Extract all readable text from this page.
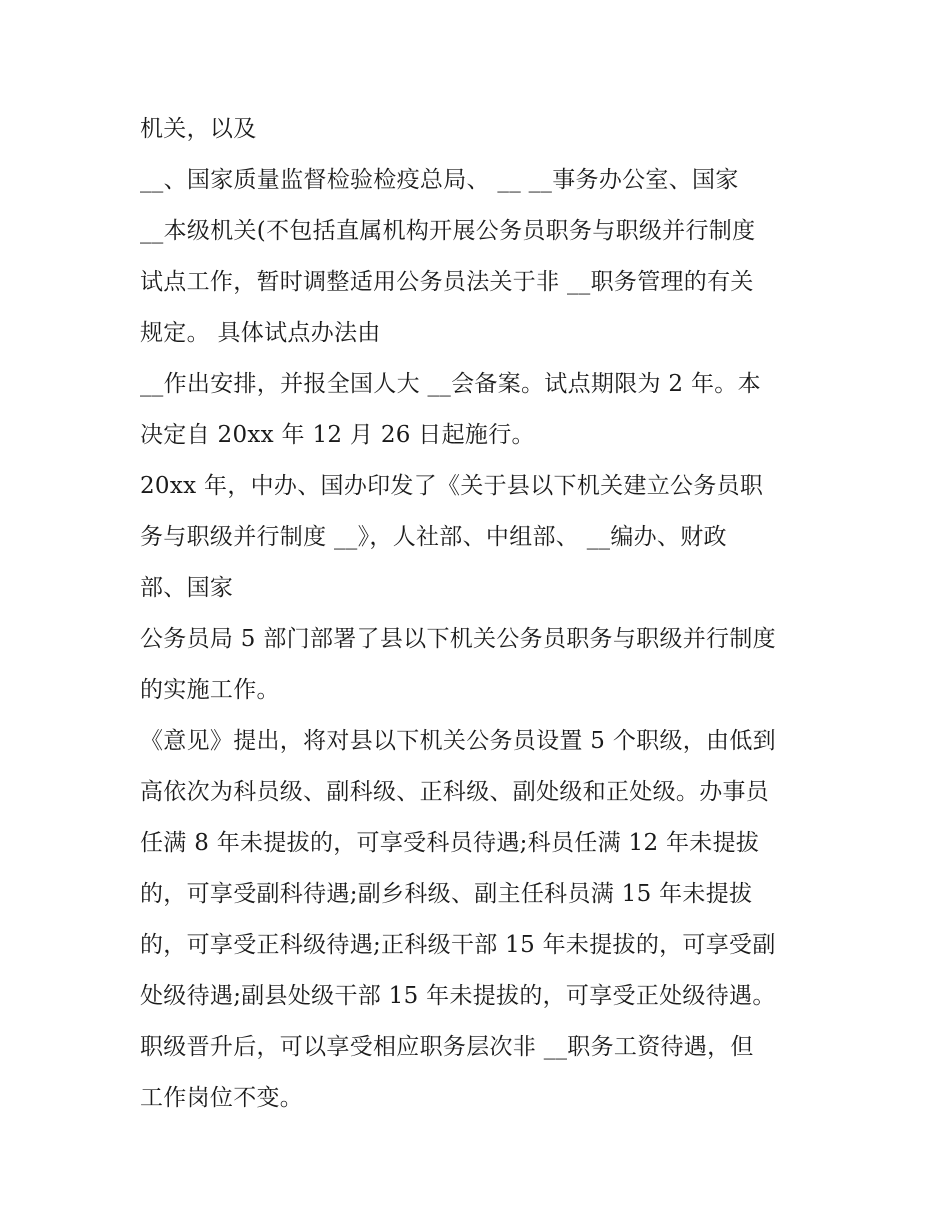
机关，以及
__、国家质量监督检验检疫总局、 __ __事务办公室、国家
__本级机关(不包括直属机构开展公务员职务与职级并行制度
试点工作，暂时调整适用公务员法关于非 __职务管理的有关
规定。 具体试点办法由
__作出安排，并报全国人大 __会备案。试点期限为 2 年。本
决定自 20xx 年 12 月 26 日起施行。
20xx 年，中办、国办印发了《关于县以下机关建立公务员职
务与职级并行制度 __》，人社部、中组部、 __编办、财政
部、国家
公务员局 5 部门部署了县以下机关公务员职务与职级并行制度
的实施工作。
《意见》提出，将对县以下机关公务员设置 5 个职级，由低到
高依次为科员级、副科级、正科级、副处级和正处级。办事员
任满 8 年未提拔的，可享受科员待遇;科员任满 12 年未提拔
的，可享受副科待遇;副乡科级、副主任科员满 15 年未提拔
的，可享受正科级待遇;正科级干部 15 年未提拔的，可享受副
处级待遇;副县处级干部 15 年未提拔的，可享受正处级待遇。
职级晋升后，可以享受相应职务层次非 __职务工资待遇，但
工作岗位不变。
